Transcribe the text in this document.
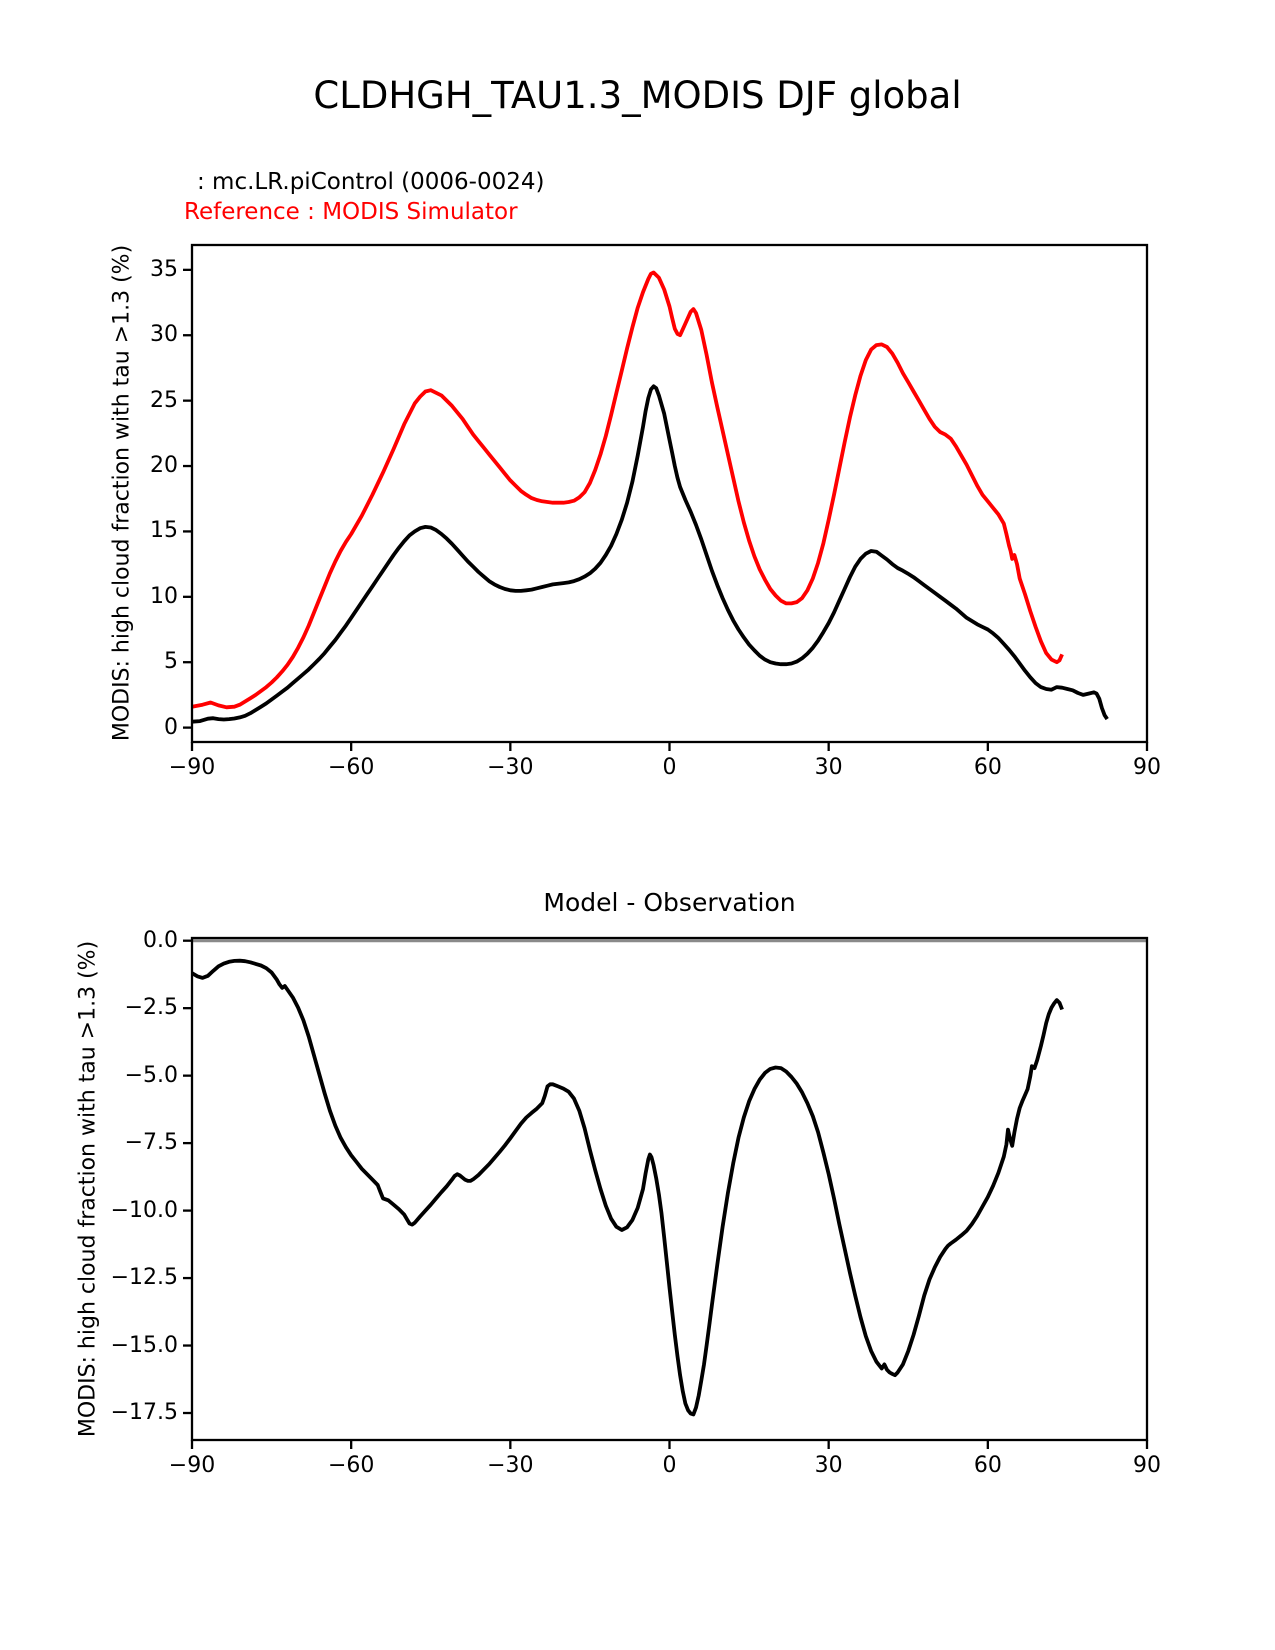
CLDHGH_TAU1.3_MODIS DJF global
: mc.LR.piControl (0006-0024)
Reference : MODIS Simulator
MODIS: high cloud fraction with tau >1.3 (%)
Model - Observation
MODIS: high cloud fraction with tau >1.3 (%)
−90	−60	−30	0	30	60	90
0
5
10
15
20
25
30
35
−90	−60	−30	0	30	60	90
0.0
−2.5
−5.0
−7.5
−10.0
−12.5
−15.0
−17.5
